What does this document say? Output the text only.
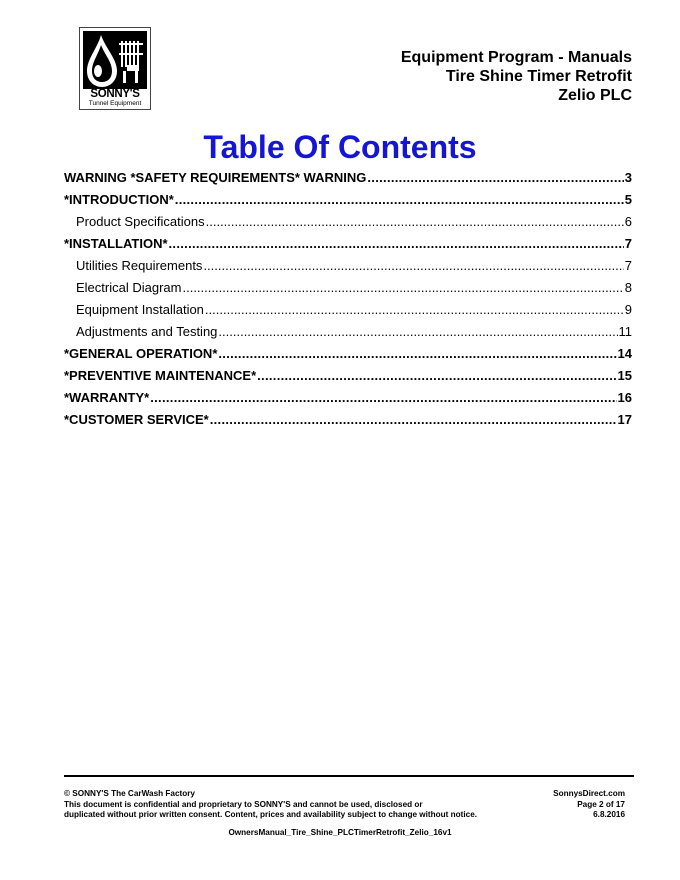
SONNY'S
Tunnel Equipment
Equipment Program - Manuals
Tire Shine Timer Retrofit
Zelio PLC
Table Of Contents
WARNING *SAFETY REQUIREMENTS* WARNING .....	3
*INTRODUCTION* .....	5
Product Specifications .....	6
*INSTALLATION* .....	7
Utilities Requirements .....	7
Electrical Diagram .....	8
Equipment Installation .....	9
Adjustments and Testing .....	11
*GENERAL OPERATION* .....	14
*PREVENTIVE MAINTENANCE* .....	15
*WARRANTY* .....	16
*CUSTOMER SERVICE* .....	17
© SONNY'S The CarWash Factory
This document is confidential and proprietary to SONNY'S and cannot be used, disclosed or
duplicated without prior written consent. Content, prices and availability subject to change without notice.
SonnysDirect.com
Page 2 of 17
6.8.2016
OwnersManual_Tire_Shine_PLCTimerRetrofit_Zelio_16v1
